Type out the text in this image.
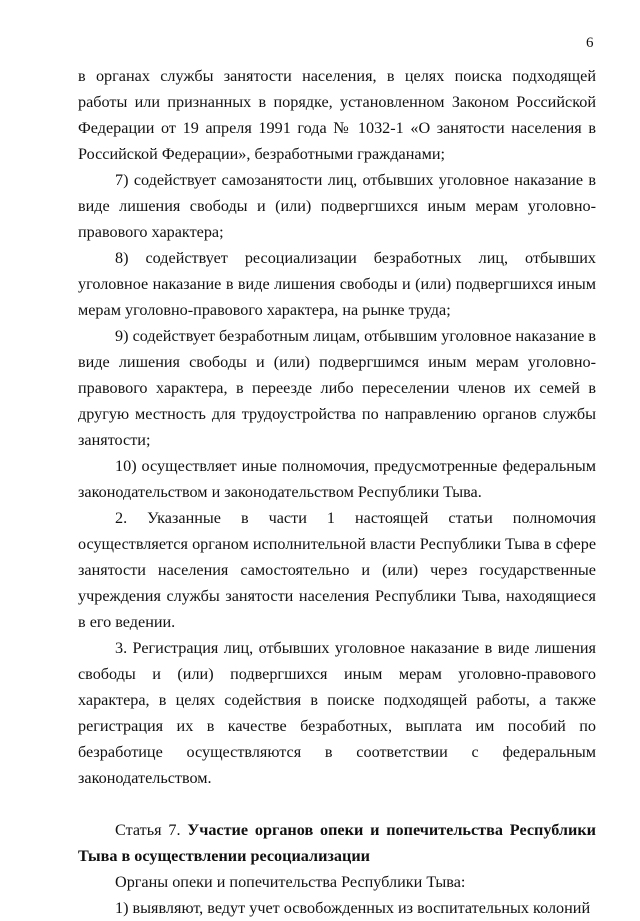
6

в органах службы занятости населения, в целях поиска подходящей работы или признанных в порядке, установленном Законом Российской Федерации от 19 апреля 1991 года № 1032-1 «О занятости населения в Российской Федерации», безработными гражданами;

7) содействует самозанятости лиц, отбывших уголовное наказание в виде лишения свободы и (или) подвергшихся иным мерам уголовно-правового характера;

8) содействует ресоциализации безработных лиц, отбывших уголовное наказание в виде лишения свободы и (или) подвергшихся иным мерам уголовно-правового характера, на рынке труда;

9) содействует безработным лицам, отбывшим уголовное наказание в виде лишения свободы и (или) подвергшимся иным мерам уголовно-правового характера, в переезде либо переселении членов их семей в другую местность для трудоустройства по направлению органов службы занятости;

10) осуществляет иные полномочия, предусмотренные федеральным законодательством и законодательством Республики Тыва.

2. Указанные в части 1 настоящей статьи полномочия осуществляется органом исполнительной власти Республики Тыва в сфере занятости населения самостоятельно и (или) через государственные учреждения службы занятости населения Республики Тыва, находящиеся в его ведении.

3. Регистрация лиц, отбывших уголовное наказание в виде лишения свободы и (или) подвергшихся иным мерам уголовно-правового характера, в целях содействия в поиске подходящей работы, а также регистрация их в качестве безработных, выплата им пособий по безработице осуществляются в соответствии с федеральным законодательством.

Статья 7. Участие органов опеки и попечительства Республики Тыва в осуществлении ресоциализации

Органы опеки и попечительства Республики Тыва:

1) выявляют, ведут учет освобожденных из воспитательных колоний
